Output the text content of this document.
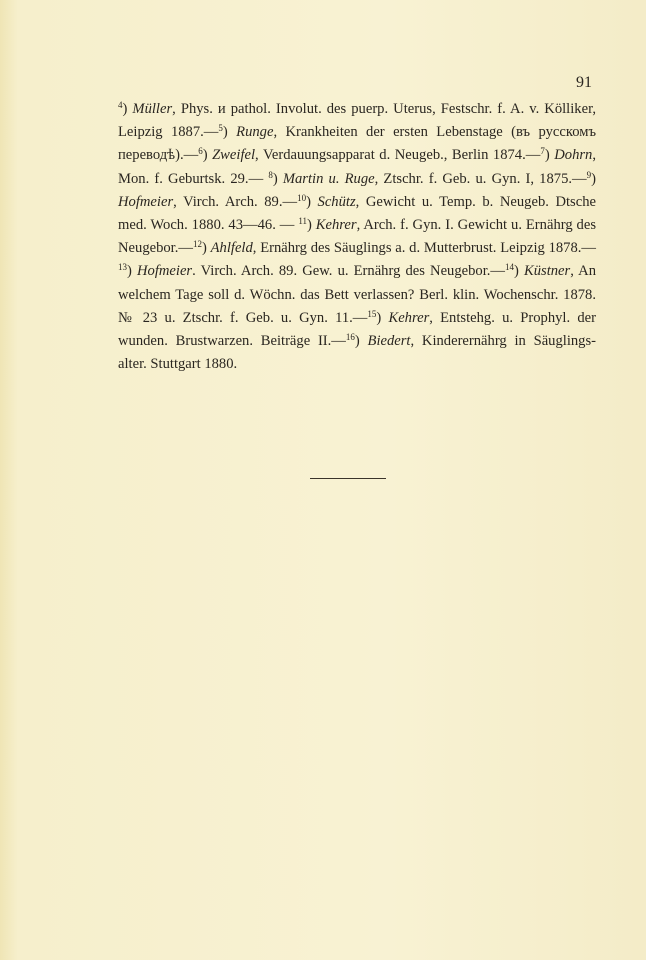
91

$^4$) Müller, Phys. и pathol. Involut. des puerp. Uterus, Festschr. f. A. v. Kölliker, Leipzig 1887.—$^5$) Runge, Krankheiten der ersten Lebenstage (въ русскомъ переводѣ).—$^6$) Zweifel, Verdauungsapparat d. Neugeb., Berlin 1874.—$^7$) Dohrn, Mon. f. Geburtsk. 29.— $^8$) Martin u. Ruge, Ztschr. f. Geb. u. Gyn. I, 1875.—$^9$) Hofmeier, Virch. Arch. 89.—$^{10}$) Schütz, Gewicht u. Temp. b. Neugeb. Dtsche med. Woch. 1880. 43—46. — $^{11}$) Kehrer, Arch. f. Gyn. I. Gewicht u. Ernährg des Neugebor.—$^{12}$) Ahlfeld, Ernährg des Säuglings a. d. Mutterbrust. Leipzig 1878.—$^{13}$) Hofmeier. Virch. Arch. 89. Gew. u. Ernährg des Neugebor.—$^{14}$) Küstner, An welchem Tage soll d. Wöchn. das Bett verlassen? Berl. klin. Wochenschr. 1878. № 23 u. Ztschr. f. Geb. u. Gyn. 11.—$^{15}$) Kehrer, Entstehg. u. Prophyl. der wunden. Brustwarzen. Beiträge II.—$^{16}$) Biedert, Kinderernährg in Säuglings-alter. Stuttgart 1880.
